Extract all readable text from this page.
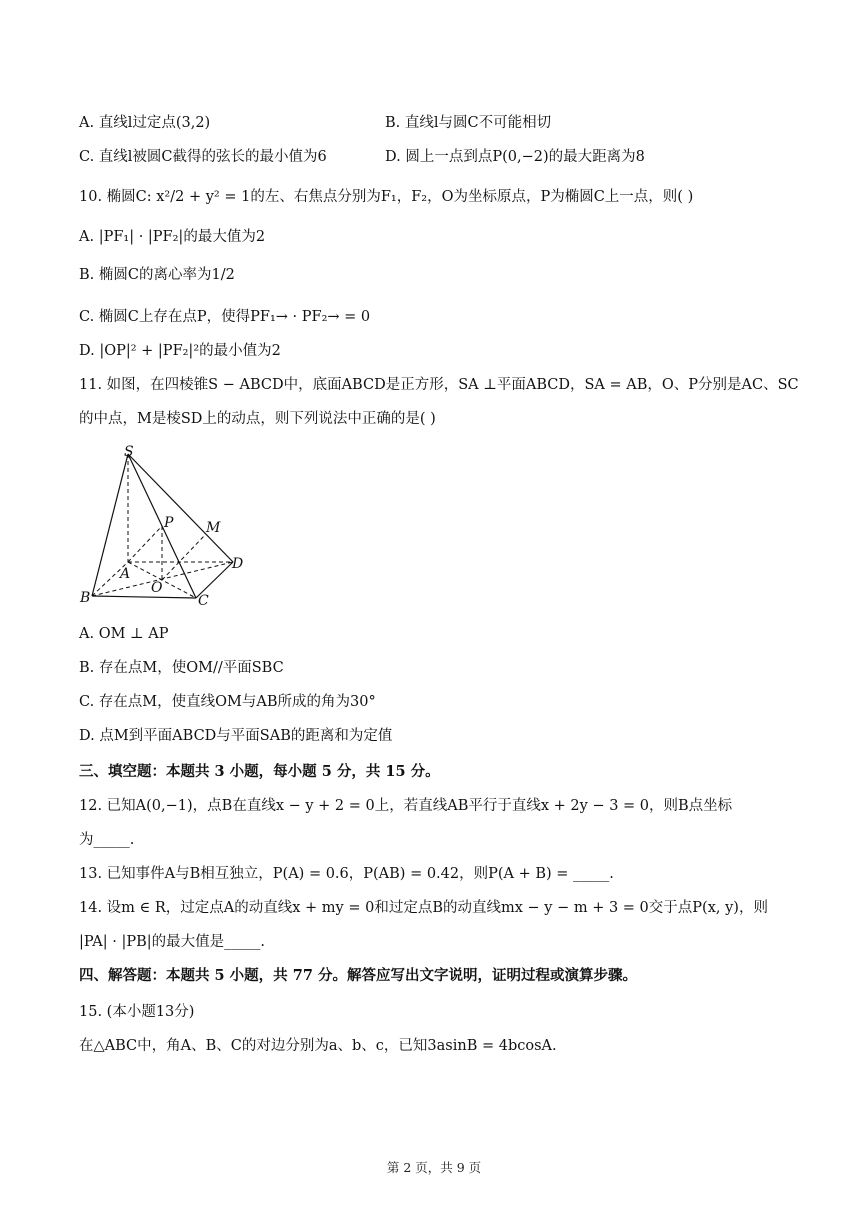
A. 直线l过定点(3,2)	B. 直线l与圆C不可能相切
C. 直线l被圆C截得的弦长的最小值为6	D. 圆上一点到点P(0,−2)的最大距离为8
10. 椭圆C: x²/2 + y² = 1的左、右焦点分别为F₁，F₂，O为坐标原点，P为椭圆C上一点，则( )
A. |PF₁| · |PF₂|的最大值为2
B. 椭圆C的离心率为1/2
C. 椭圆C上存在点P，使得PF₁→ · PF₂→ = 0
D. |OP|² + |PF₂|²的最小值为2
11. 如图，在四棱锥S − ABCD中，底面ABCD是正方形，SA ⊥平面ABCD，SA = AB，O、P分别是AC、SC
的中点，M是棱SD上的动点，则下列说法中正确的是( )
S
P M
A
D
O
B	C
A. OM ⊥ AP
B. 存在点M，使OM//平面SBC
C. 存在点M，使直线OM与AB所成的角为30°
D. 点M到平面ABCD与平面SAB的距离和为定值
三、填空题：本题共 3 小题，每小题 5 分，共 15 分。
12. 已知A(0,−1)，点B在直线x − y + 2 = 0上，若直线AB平行于直线x + 2y − 3 = 0，则B点坐标
为_____.
13. 已知事件A与B相互独立，P(A) = 0.6，P(AB) = 0.42，则P(A + B) = _____.
14. 设m ∈ R，过定点A的动直线x + my = 0和过定点B的动直线mx − y − m + 3 = 0交于点P(x, y)，则
|PA| · |PB|的最大值是_____.
四、解答题：本题共 5 小题，共 77 分。解答应写出文字说明，证明过程或演算步骤。
15. (本小题13分)
在△ABC中，角A、B、C的对边分别为a、b、c，已知3asinB = 4bcosA.
第 2 页，共 9 页
